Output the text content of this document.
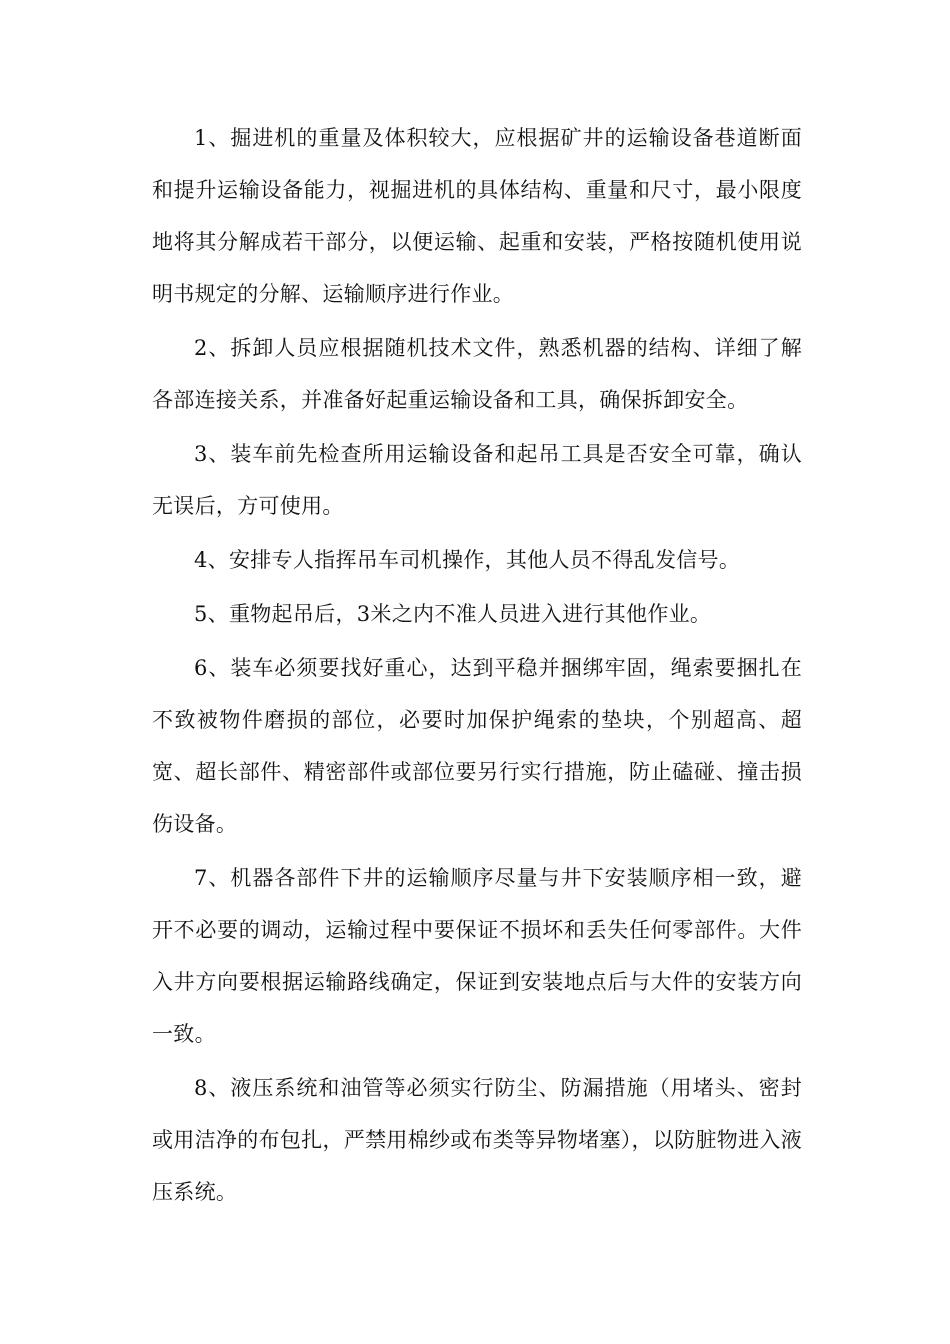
1、掘进机的重量及体积较大，应根据矿井的运输设备巷道断面和提升运输设备能力，视掘进机的具体结构、重量和尺寸，最小限度地将其分解成若干部分，以便运输、起重和安装，严格按随机使用说明书规定的分解、运输顺序进行作业。

2、拆卸人员应根据随机技术文件，熟悉机器的结构、详细了解各部连接关系，并准备好起重运输设备和工具，确保拆卸安全。

3、装车前先检查所用运输设备和起吊工具是否安全可靠，确认无误后，方可使用。

4、安排专人指挥吊车司机操作，其他人员不得乱发信号。

5、重物起吊后，3米之内不准人员进入进行其他作业。

6、装车必须要找好重心，达到平稳并捆绑牢固，绳索要捆扎在不致被物件磨损的部位，必要时加保护绳索的垫块，个别超高、超宽、超长部件、精密部件或部位要另行实行措施，防止磕碰、撞击损伤设备。

7、机器各部件下井的运输顺序尽量与井下安装顺序相一致，避开不必要的调动，运输过程中要保证不损坏和丢失任何零部件。大件入井方向要根据运输路线确定，保证到安装地点后与大件的安装方向一致。

8、液压系统和油管等必须实行防尘、防漏措施（用堵头、密封或用洁净的布包扎，严禁用棉纱或布类等异物堵塞），以防脏物进入液压系统。
